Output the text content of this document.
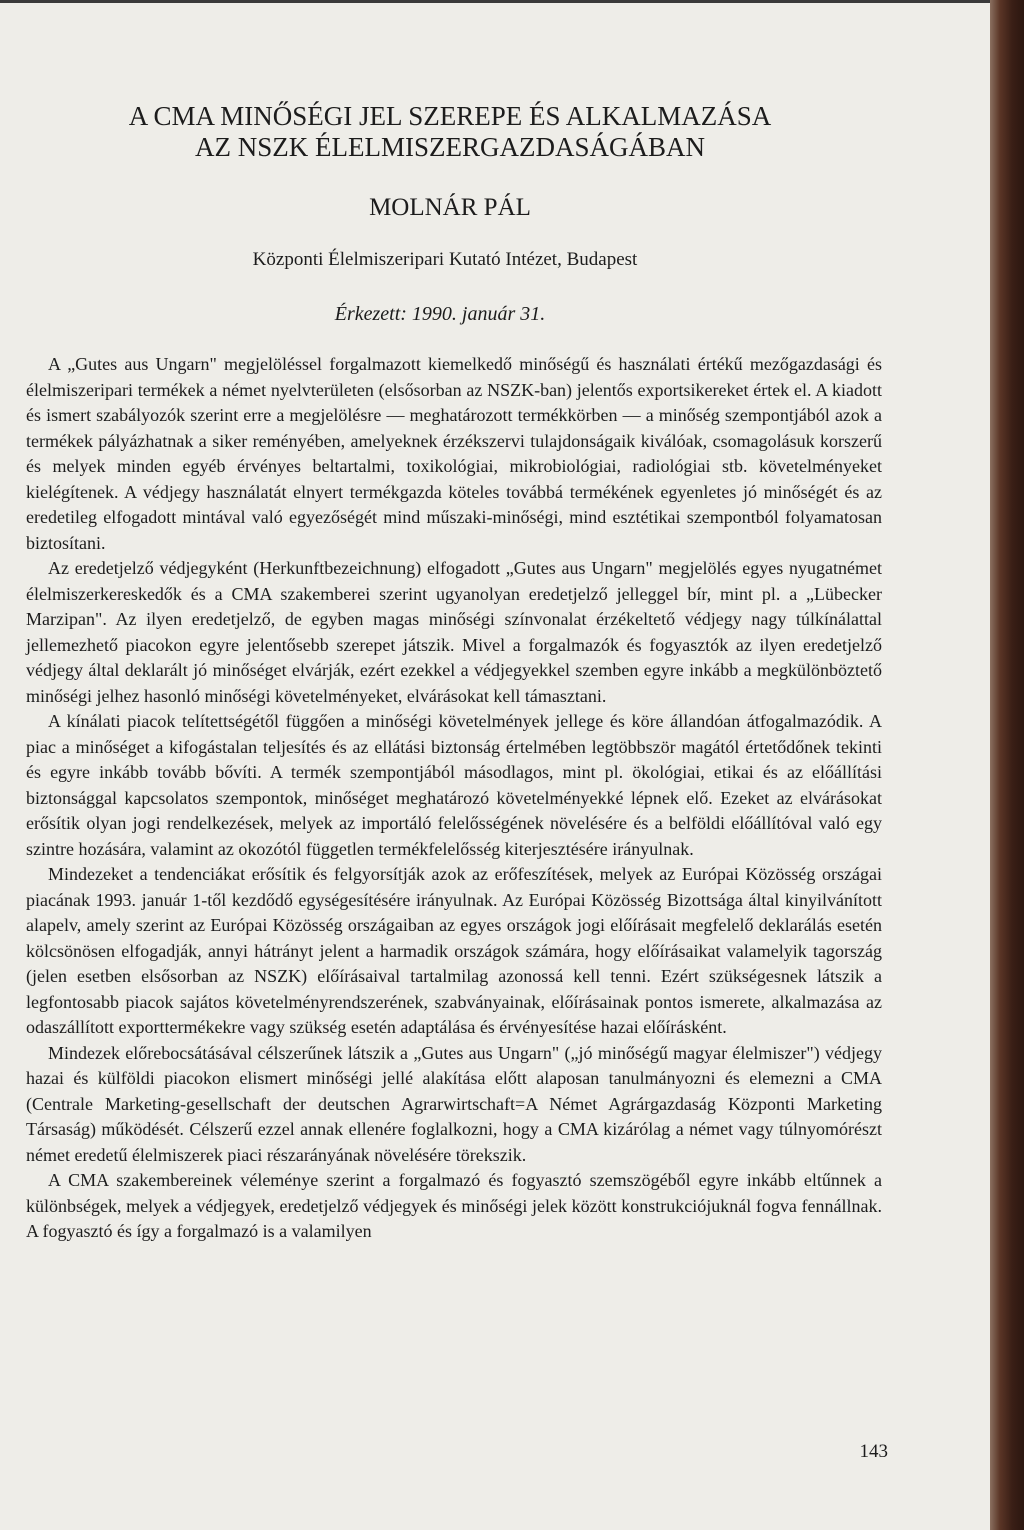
A CMA MINŐSÉGI JEL SZEREPE ÉS ALKALMAZÁSA
AZ NSZK ÉLELMISZERGAZDASÁGÁBAN
MOLNÁR PÁL
Központi Élelmiszeripari Kutató Intézet, Budapest
Érkezett: 1990. január 31.

A „Gutes aus Ungarn" megjelöléssel forgalmazott kiemelkedő minőségű és használati értékű mezőgazdasági és élelmiszeripari termékek a német nyelvterületen (elsősorban az NSZK-ban) jelentős exportsikereket értek el. A kiadott és ismert szabályozók szerint erre a megjelölésre — meghatározott termékkörben — a minőség szempontjából azok a termékek pályázhatnak a siker reményében, amelyeknek érzékszervi tulajdonságaik kiválóak, csomagolásuk korszerű és melyek minden egyéb érvényes beltartalmi, toxikológiai, mikrobiológiai, radiológiai stb. követelményeket kielégítenek. A védjegy használatát elnyert termékgazda köteles továbbá termékének egyenletes jó minőségét és az eredetileg elfogadott mintával való egyezőségét mind műszaki-minőségi, mind esztétikai szempontból folyamatosan biztosítani.

Az eredetjelző védjegyként (Herkunftbezeichnung) elfogadott „Gutes aus Ungarn" megjelölés egyes nyugatnémet élelmiszerkereskedők és a CMA szakemberei szerint ugyanolyan eredetjelző jelleggel bír, mint pl. a „Lübecker Marzipan". Az ilyen eredetjelző, de egyben magas minőségi színvonalat érzékeltető védjegy nagy túlkínálattal jellemezhető piacokon egyre jelentősebb szerepet játszik. Mivel a forgalmazók és fogyasztók az ilyen eredetjelző védjegy által deklarált jó minőséget elvárják, ezért ezekkel a védjegyekkel szemben egyre inkább a megkülönböztető minőségi jelhez hasonló minőségi követelményeket, elvárásokat kell támasztani.

A kínálati piacok telítettségétől függően a minőségi követelmények jellege és köre állandóan átfogalmazódik. A piac a minőséget a kifogástalan teljesítés és az ellátási biztonság értelmében legtöbbször magától értetődőnek tekinti és egyre inkább tovább bővíti. A termék szempontjából másodlagos, mint pl. ökológiai, etikai és az előállítási biztonsággal kapcsolatos szempontok, minőséget meghatározó követelményekké lépnek elő. Ezeket az elvárásokat erősítik olyan jogi rendelkezések, melyek az importáló felelősségének növelésére és a belföldi előállítóval való egy szintre hozására, valamint az okozótól független termékfelelősség kiterjesztésére irányulnak.

Mindezeket a tendenciákat erősítik és felgyorsítják azok az erőfeszítések, melyek az Európai Közösség országai piacának 1993. január 1-től kezdődő egységesítésére irányulnak. Az Európai Közösség Bizottsága által kinyilvánított alapelv, amely szerint az Európai Közösség országaiban az egyes országok jogi előírásait megfelelő deklarálás esetén kölcsönösen elfogadják, annyi hátrányt jelent a harmadik országok számára, hogy előírásaikat valamelyik tagország (jelen esetben elsősorban az NSZK) előírásaival tartalmilag azonossá kell tenni. Ezért szükségesnek látszik a legfontosabb piacok sajátos követelményrendszerének, szabványainak, előírásainak pontos ismerete, alkalmazása az odaszállított exporttermékekre vagy szükség esetén adaptálása és érvényesítése hazai előírásként.

Mindezek előrebocsátásával célszerűnek látszik a „Gutes aus Ungarn" („jó minőségű magyar élelmiszer") védjegy hazai és külföldi piacokon elismert minőségi jellé alakítása előtt alaposan tanulmányozni és elemezni a CMA (Centrale Marketing-gesellschaft der deutschen Agrarwirtschaft=A Német Agrárgazdaság Központi Marketing Társaság) működését. Célszerű ezzel annak ellenére foglalkozni, hogy a CMA kizárólag a német vagy túlnyomórészt német eredetű élelmiszerek piaci részarányának növelésére törekszik.

A CMA szakembereinek véleménye szerint a forgalmazó és fogyasztó szemszögéből egyre inkább eltűnnek a különbségek, melyek a védjegyek, eredetjelző védjegyek és minőségi jelek között konstrukciójuknál fogva fennállnak. A fogyasztó és így a forgalmazó is a valamilyen

143
